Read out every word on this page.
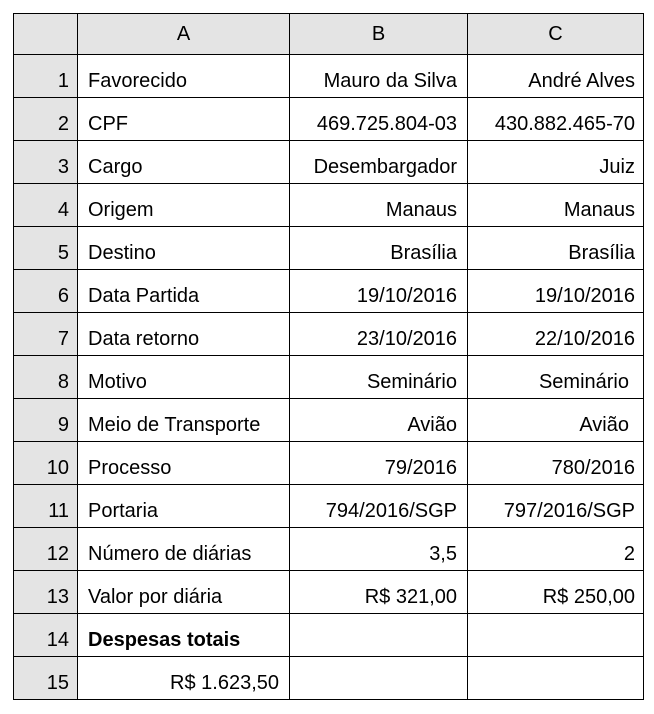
	A	B	C
1	Favorecido	Mauro da Silva	André Alves
2	CPF	469.725.804-03	430.882.465-70
3	Cargo	Desembargador	Juiz
4	Origem	Manaus	Manaus
5	Destino	Brasília	Brasília
6	Data Partida	19/10/2016	19/10/2016
7	Data retorno	23/10/2016	22/10/2016
8	Motivo	Seminário	Seminário
9	Meio de Transporte	Avião	Avião
10	Processo	79/2016	780/2016
11	Portaria	794/2016/SGP	797/2016/SGP
12	Número de diárias	3,5	2
13	Valor por diária	R$ 321,00	R$ 250,00
14	Despesas totais		
15	R$ 1.623,50		
